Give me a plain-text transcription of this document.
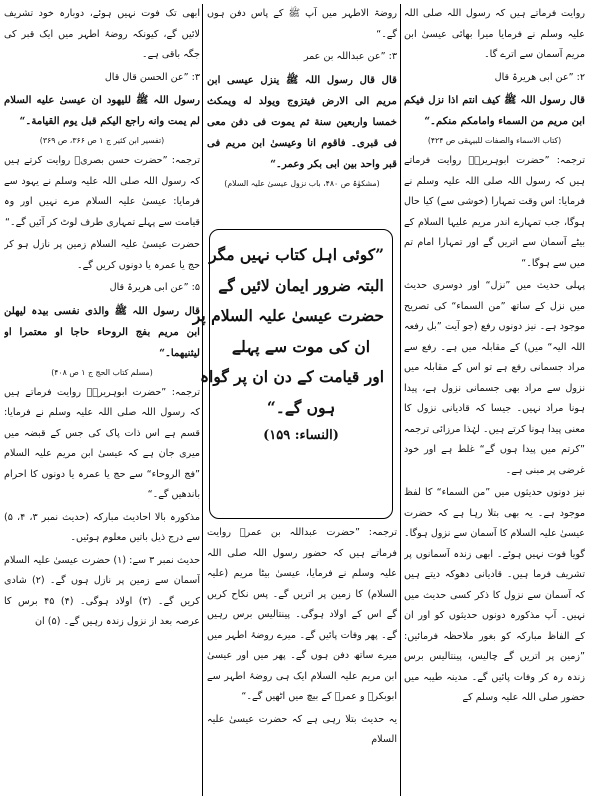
روایت فرماتے ہیں کہ رسول اللہ صلی اللہ علیہ وسلم نے فرمایا میرا بھائی عیسیٰ ابن مریم آسمان سے اترے گا۔
۲: ”عن ابی هریرۃ قال
قال رسول اللہ ﷺ کیف انتم اذا نزل فیکم ابن مریم من السماء وامامکم منکم۔“
(کتاب الاسماء والصفات للبیہقی ص ۴۲۴)
ترجمہ: ”حضرت ابوہریرہؓ روایت فرماتے ہیں کہ رسول اللہ صلی اللہ علیہ وسلم نے فرمایا: اس وقت تمہارا (خوشی سے) کیا حال ہوگا، جب تمہارے اندر مریم علیہا السلام کے بیٹے آسمان سے اتریں گے اور تمہارا امام تم میں سے ہوگا۔“
پہلی حدیث میں ”نزل“ اور دوسری حدیث میں نزل کے ساتھ ”من السماء“ کی تصریح موجود ہے۔ نیز دونوں رفع (جو آیت ”بل رفعہ اللہ الیہ“ میں) کے مقابلہ میں ہے۔ رفع سے مراد جسمانی رفع ہے تو اس کے مقابلہ میں نزول سے مراد بھی جسمانی نزول ہے، پیدا ہونا مراد نہیں۔ جیسا کہ قادیانی نزول کا معنی پیدا ہونا کرتے ہیں۔ لہٰذا مرزائی ترجمہ ”کرتم میں پیدا ہوں گے“ غلط ہے اور خود غرضی پر مبنی ہے۔
نیز دونوں حدیثوں میں ”من السماء“ کا لفظ موجود ہے۔ یہ بھی بتلا رہا ہے کہ حضرت عیسیٰ علیہ السلام کا آسمان سے نزول ہوگا۔ گویا فوت نہیں ہوئے۔ ابھی زندہ آسمانوں پر تشریف فرما ہیں۔ قادیانی دھوکہ دیتے ہیں کہ آسمان سے نزول کا ذکر کسی حدیث میں نہیں۔ آپ مذکورہ دونوں حدیثوں کو اور ان کے الفاظ مبارکہ کو بغور ملاحظہ فرمائیں: ”زمین پر اتریں گے چالیس، پینتالیس برس زندہ رہ کر وفات پائیں گے۔ مدینہ طیبہ میں حضور صلی اللہ علیہ وسلم کے
روضۃ الاطہر میں آپ ﷺ کے پاس دفن ہوں گے۔“
۳: ”عن عبداللہ بن عمر
قال قال رسول اللہ ﷺ ینزل عیسی ابن مریم الی الارض فیتزوج ویولد له ویمکث خمسا واربعین سنة ثم یموت فی دفن معی فی قبری۔ فاقوم انا وعیسیٰ ابن مریم فی قبر واحد بین ابی بکر وعمر۔“
(مشکوٰۃ ص ۴۸۰، باب نزول عیسیٰ علیہ السلام)
”کوئی اہل کتاب نہیں مگر
البتہ ضرور ایمان لائیں گے
حضرت عیسیٰ علیہ السلام پر
ان کی موت سے پہلے
اور قیامت کے دن ان پر گواہ
ہوں گے۔“
(النساء: ۱۵۹)
ترجمہ: ”حضرت عبداللہ بن عمرؓ روایت فرماتے ہیں کہ حضور رسول اللہ صلی اللہ علیہ وسلم نے فرمایا، عیسیٰ بیٹا مریم (علیہ السلام) کا زمین پر اتریں گے۔ پس نکاح کریں گے اس کے اولاد ہوگی۔ پینتالیس برس رہیں گے۔ پھر وفات پائیں گے۔ میرے روضۂ اطہر میں میرے ساتھ دفن ہوں گے۔ پھر میں اور عیسیٰ ابن مریم علیہ السلام ایک ہی روضۂ اطہر سے ابوبکرؓ و عمرؓ کے بیچ میں اٹھیں گے۔“
یہ حدیث بتلا رہی ہے کہ حضرت عیسیٰ علیہ السلام
ابھی تک فوت نہیں ہوئے، دوبارہ خود تشریف لائیں گے، کیونکہ روضۂ اطہر میں ایک قبر کی جگہ باقی ہے۔
۳: ”عن الحسن قال قال
رسول اللہ ﷺ للیهود ان عیسیٰ علیه السلام لم یمت وانه راجع الیکم قبل یوم القیامة۔“
(تفسیر ابن کثیر ج ۱ ص ۳۶۶، ص ۳۶۹)
ترجمہ: ”حضرت حسن بصریؒ روایت کرتے ہیں کہ رسول اللہ صلی اللہ علیہ وسلم نے یہود سے فرمایا: عیسیٰ علیہ السلام مرے نہیں اور وہ قیامت سے پہلے تمہاری طرف لوٹ کر آئیں گے۔“
حضرت عیسیٰ علیہ السلام زمین پر نازل ہو کر حج یا عمرہ یا دونوں کریں گے۔
۵: ”عن ابی هریرۃ قال
قال رسول اللہ ﷺ والذی نفسی بیدہ لیهلن ابن مریم بفج الروحاء حاجا او معتمرا او لیثنیهما۔“
(مسلم کتاب الحج ج ۱ ص ۴۰۸)
ترجمہ: ”حضرت ابوہریرہؓ روایت فرماتے ہیں کہ رسول اللہ صلی اللہ علیہ وسلم نے فرمایا: قسم ہے اس ذات پاک کی جس کے قبضہ میں میری جان ہے کہ عیسیٰ ابن مریم علیہ السلام ”فج الروحاء“ سے حج یا عمرہ یا دونوں کا احرام باندھیں گے۔“
مذکورہ بالا احادیث مبارکہ (حدیث نمبر ۳، ۴، ۵) سے درج ذیل باتیں معلوم ہوئیں۔
حدیث نمبر ۳ سے: (۱) حضرت عیسیٰ علیہ السلام آسمان سے زمین پر نازل ہوں گے۔ (۲) شادی کریں گے۔ (۳) اولاد ہوگی۔ (۴) ۴۵ برس کا عرصہ بعد از نزول زندہ رہیں گے۔ (۵) ان
